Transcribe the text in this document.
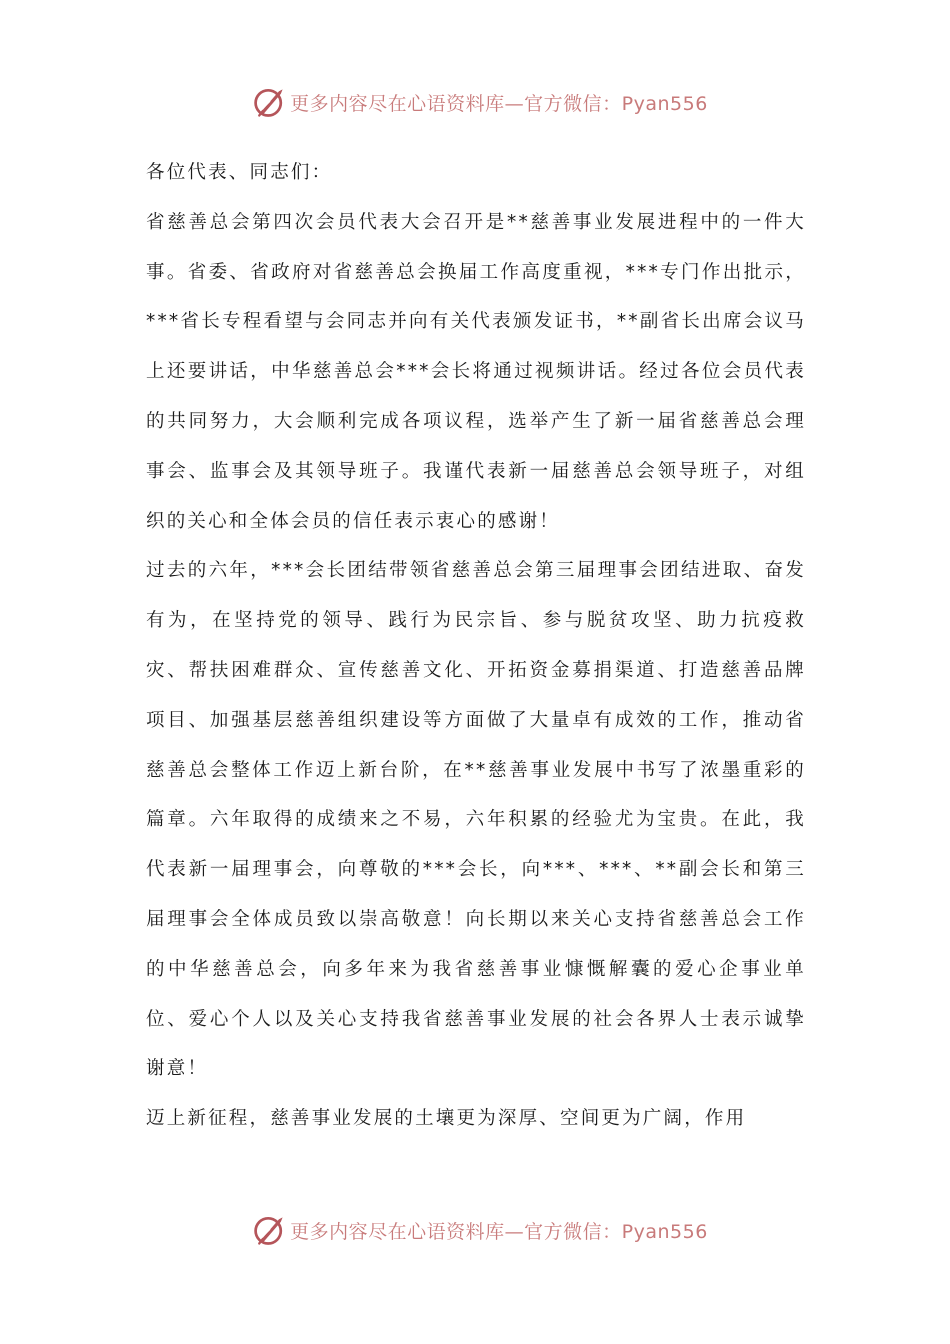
更多内容尽在心语资料库—官方微信：Pyan556

各位代表、同志们：

省慈善总会第四次会员代表大会召开是**慈善事业发展进程中的一件大事。省委、省政府对省慈善总会换届工作高度重视，***专门作出批示，***省长专程看望与会同志并向有关代表颁发证书，**副省长出席会议马上还要讲话，中华慈善总会***会长将通过视频讲话。经过各位会员代表的共同努力，大会顺利完成各项议程，选举产生了新一届省慈善总会理事会、监事会及其领导班子。我谨代表新一届慈善总会领导班子，对组织的关心和全体会员的信任表示衷心的感谢！

过去的六年，***会长团结带领省慈善总会第三届理事会团结进取、奋发有为，在坚持党的领导、践行为民宗旨、参与脱贫攻坚、助力抗疫救灾、帮扶困难群众、宣传慈善文化、开拓资金募捐渠道、打造慈善品牌项目、加强基层慈善组织建设等方面做了大量卓有成效的工作，推动省慈善总会整体工作迈上新台阶，在**慈善事业发展中书写了浓墨重彩的篇章。六年取得的成绩来之不易，六年积累的经验尤为宝贵。在此，我代表新一届理事会，向尊敬的***会长，向***、***、**副会长和第三届理事会全体成员致以崇高敬意！向长期以来关心支持省慈善总会工作的中华慈善总会，向多年来为我省慈善事业慷慨解囊的爱心企事业单位、爱心个人以及关心支持我省慈善事业发展的社会各界人士表示诚挚谢意！

迈上新征程，慈善事业发展的土壤更为深厚、空间更为广阔，作用

更多内容尽在心语资料库—官方微信：Pyan556
